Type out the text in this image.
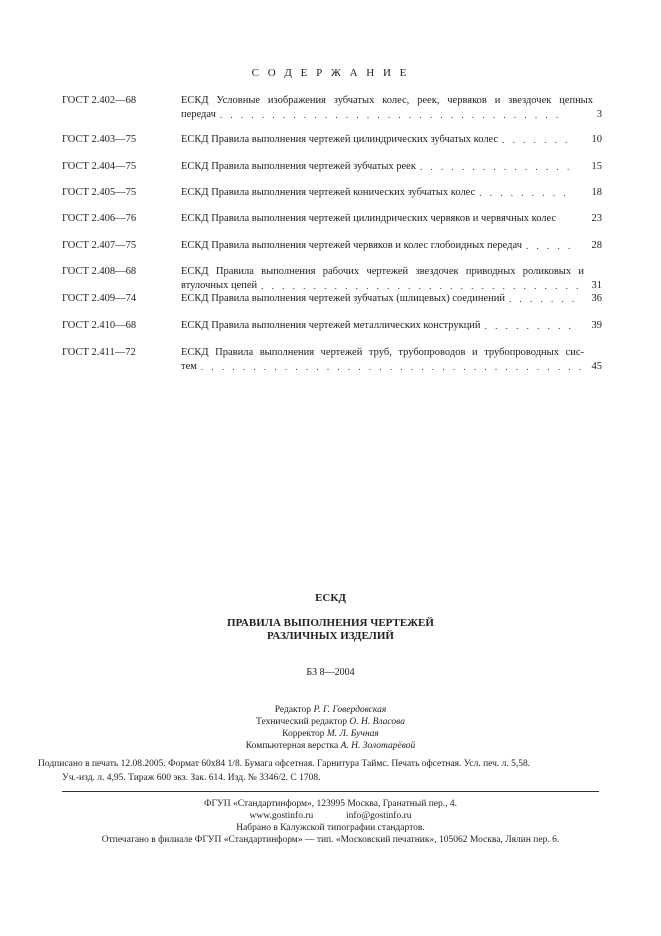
С О Д Е Р Ж А Н И Е
ГОСТ 2.402—68	ЕСКД Условные изображения зубчатых колес, реек, червяков и звездочек цепных
передач . . .	3
ГОСТ 2.403—75	ЕСКД Правила выполнения чертежей цилиндрических зубчатых колес . . .	10
ГОСТ 2.404—75	ЕСКД Правила выполнения чертежей зубчатых реек . . .	15
ГОСТ 2.405—75	ЕСКД Правила выполнения чертежей конических зубчатых колес . . .	18
ГОСТ 2.406—76	ЕСКД Правила выполнения чертежей цилиндрических червяков и червячных колес	23
ГОСТ 2.407—75	ЕСКД Правила выполнения чертежей червяков и колес глобоидных передач . . .	28
ГОСТ 2.408—68	ЕСКД Правила выполнения рабочих чертежей звездочек приводных роликовых и
втулочных цепей . . .	31
ГОСТ 2.409—74	ЕСКД Правила выполнения чертежей зубчатых (шлицевых) соединений . . .	36
ГОСТ 2.410—68	ЕСКД Правила выполнения чертежей металлических конструкций . . .	39
ГОСТ 2.411—72	ЕСКД Правила выполнения чертежей труб, трубопроводов и трубопроводных сис-
тем . . .	45
ЕСКД
ПРАВИЛА ВЫПОЛНЕНИЯ ЧЕРТЕЖЕЙ
РАЗЛИЧНЫХ ИЗДЕЛИЙ
БЗ 8—2004
Редактор Р. Г. Говердовская
Технический редактор О. Н. Власова
Корректор М. Л. Бучная
Компьютерная верстка А. Н. Золотарёвой
Подписано в печать 12.08.2005. Формат 60х84 1/8. Бумага офсетная. Гарнитура Таймс. Печать офсетная. Усл. печ. л. 5,58.
Уч.-изд. л. 4,95. Тираж 600 экз. Зак. 614. Изд. № 3346/2. С 1708.
ФГУП «Стандартинформ», 123995 Москва, Гранатный пер., 4.
www.gostinfo.ru	info@gostinfo.ru
Набрано в Калужской типографии стандартов.
Отпечатано в филиале ФГУП «Стандартинформ» — тип. «Московский печатник», 105062 Москва, Лялин пер. 6.
